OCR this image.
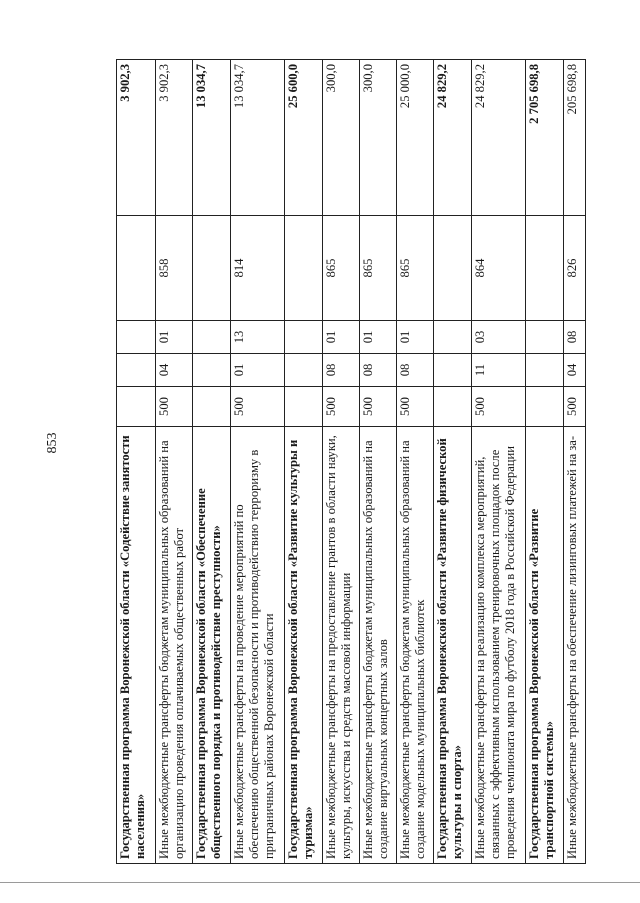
853	Государственная программа Воронежской области «Содействие занятости населения»					3 902,3
Иные межбюджетные трансферты бюджетам муниципальных образований на организацию проведения оплачиваемых общественных работ	500	04	01	858	3 902,3
Государственная программа Воронежской области «Обеспечение общественного порядка и противодействие преступности»					13 034,7
Иные межбюджетные трансферты на проведение мероприятий по обеспечению общественной безопасности и противодействию терроризму в приграничных районах Воронежской области	500	01	13	814	13 034,7
Государственная программа Воронежской области «Развитие культуры и туризма»					25 600,0
Иные межбюджетные трансферты на предоставление грантов в области науки, культуры, искусства и средств массовой информации	500	08	01	865	300,0
Иные межбюджетные трансферты бюджетам муниципальных образований на создание виртуальных концертных залов	500	08	01	865	300,0
Иные межбюджетные трансферты бюджетам муниципальных образований на создание модельных муниципальных библиотек	500	08	01	865	25 000,0
Государственная программа Воронежской области «Развитие физической культуры и спорта»					24 829,2
Иные межбюджетные трансферты на реализацию комплекса мероприятий, связанных с эффективным использованием тренировочных площадок после проведения чемпионата мира по футболу 2018 года в Российской Федерации	500	11	03	864	24 829,2
Государственная программа Воронежской области «Развитие транспортной системы»					2 705 698,8
Иные межбюджетные трансферты на обеспечение лизинговых платежей на за-	500	04	08	826	205 698,8
